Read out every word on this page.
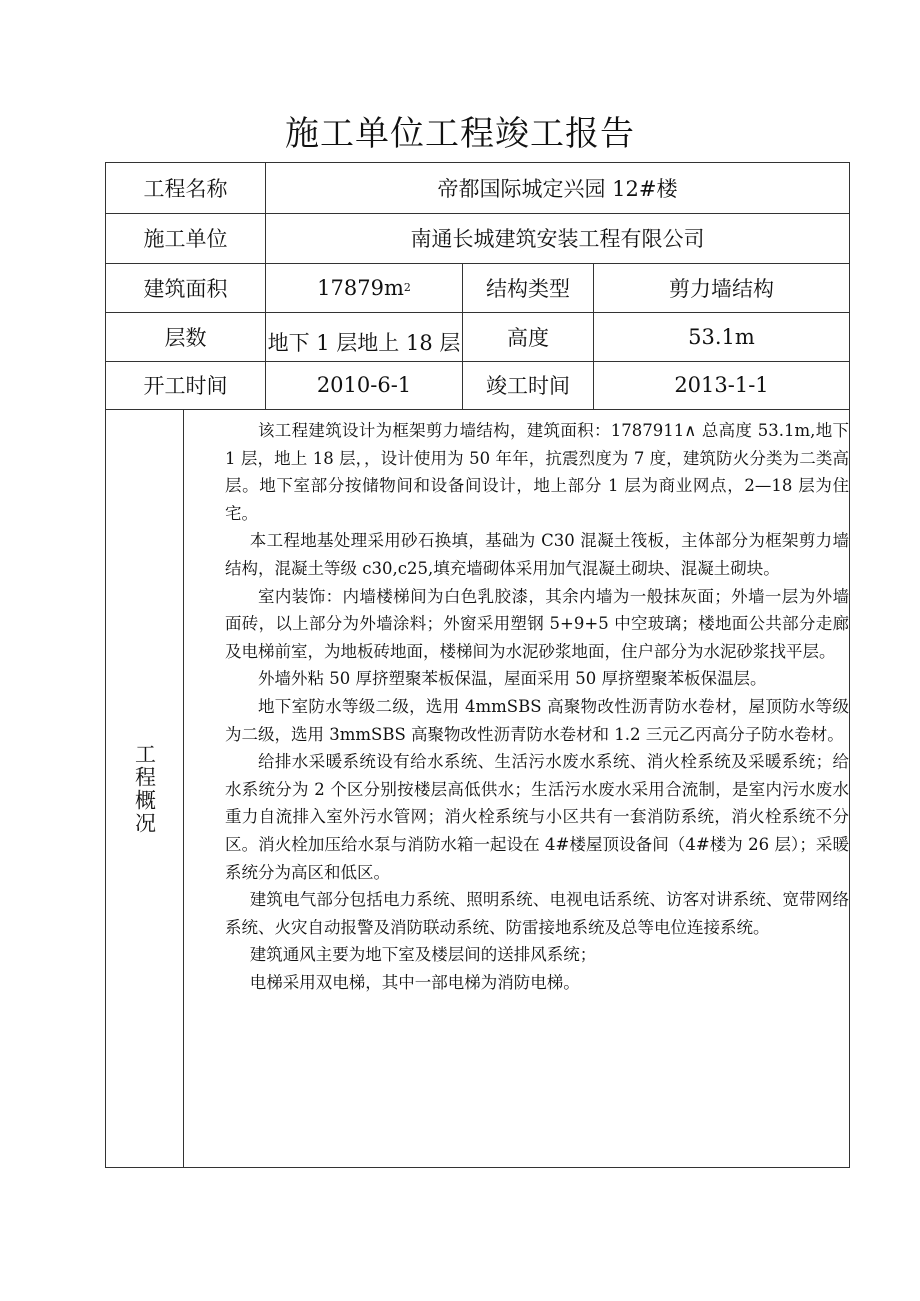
施工单位工程竣工报告
工程名称	帝都国际城定兴园 12#楼
施工单位	南通长城建筑安装工程有限公司
建筑面积	17879m 2	结构类型	剪力墙结构
层数	地下 1 层地上 18 层	高度	53.1m
开工时间	2010-6-1	竣工时间	2013-1-1
工程概况

该工程建筑设计为框架剪力墙结构，建筑面积：1787911∧ 总高度 53.1m,地下 1 层，地上 18 层，，设计使用为 50 年年，抗震烈度为 7 度，建筑防火分类为二类高层。地下室部分按储物间和设备间设计，地上部分 1 层为商业网点，2—18 层为住宅。

本工程地基处理采用砂石换填，基础为 C30 混凝土筏板，主体部分为框架剪力墙结构，混凝土等级 c30,c25,填充墙砌体采用加气混凝土砌块、混凝土砌块。

室内装饰：内墙楼梯间为白色乳胶漆，其余内墙为一般抹灰面；外墙一层为外墙面砖，以上部分为外墙涂料；外窗采用塑钢 5+9+5 中空玻璃；楼地面公共部分走廊及电梯前室，为地板砖地面，楼梯间为水泥砂浆地面，住户部分为水泥砂浆找平层。

外墙外粘 50 厚挤塑聚苯板保温，屋面采用 50 厚挤塑聚苯板保温层。

地下室防水等级二级，选用 4mmSBS 高聚物改性沥青防水卷材，屋顶防水等级为二级，选用 3mmSBS 高聚物改性沥青防水卷材和 1.2 三元乙丙高分子防水卷材。

给排水采暖系统设有给水系统、生活污水废水系统、消火栓系统及采暖系统；给水系统分为 2 个区分别按楼层高低供水；生活污水废水采用合流制，是室内污水废水重力自流排入室外污水管网；消火栓系统与小区共有一套消防系统，消火栓系统不分区。消火栓加压给水泵与消防水箱一起设在 4#楼屋顶设备间（4#楼为 26 层）；采暖系统分为高区和低区。

建筑电气部分包括电力系统、照明系统、电视电话系统、访客对讲系统、宽带网络系统、火灾自动报警及消防联动系统、防雷接地系统及总等电位连接系统。

建筑通风主要为地下室及楼层间的送排风系统；

电梯采用双电梯，其中一部电梯为消防电梯。
